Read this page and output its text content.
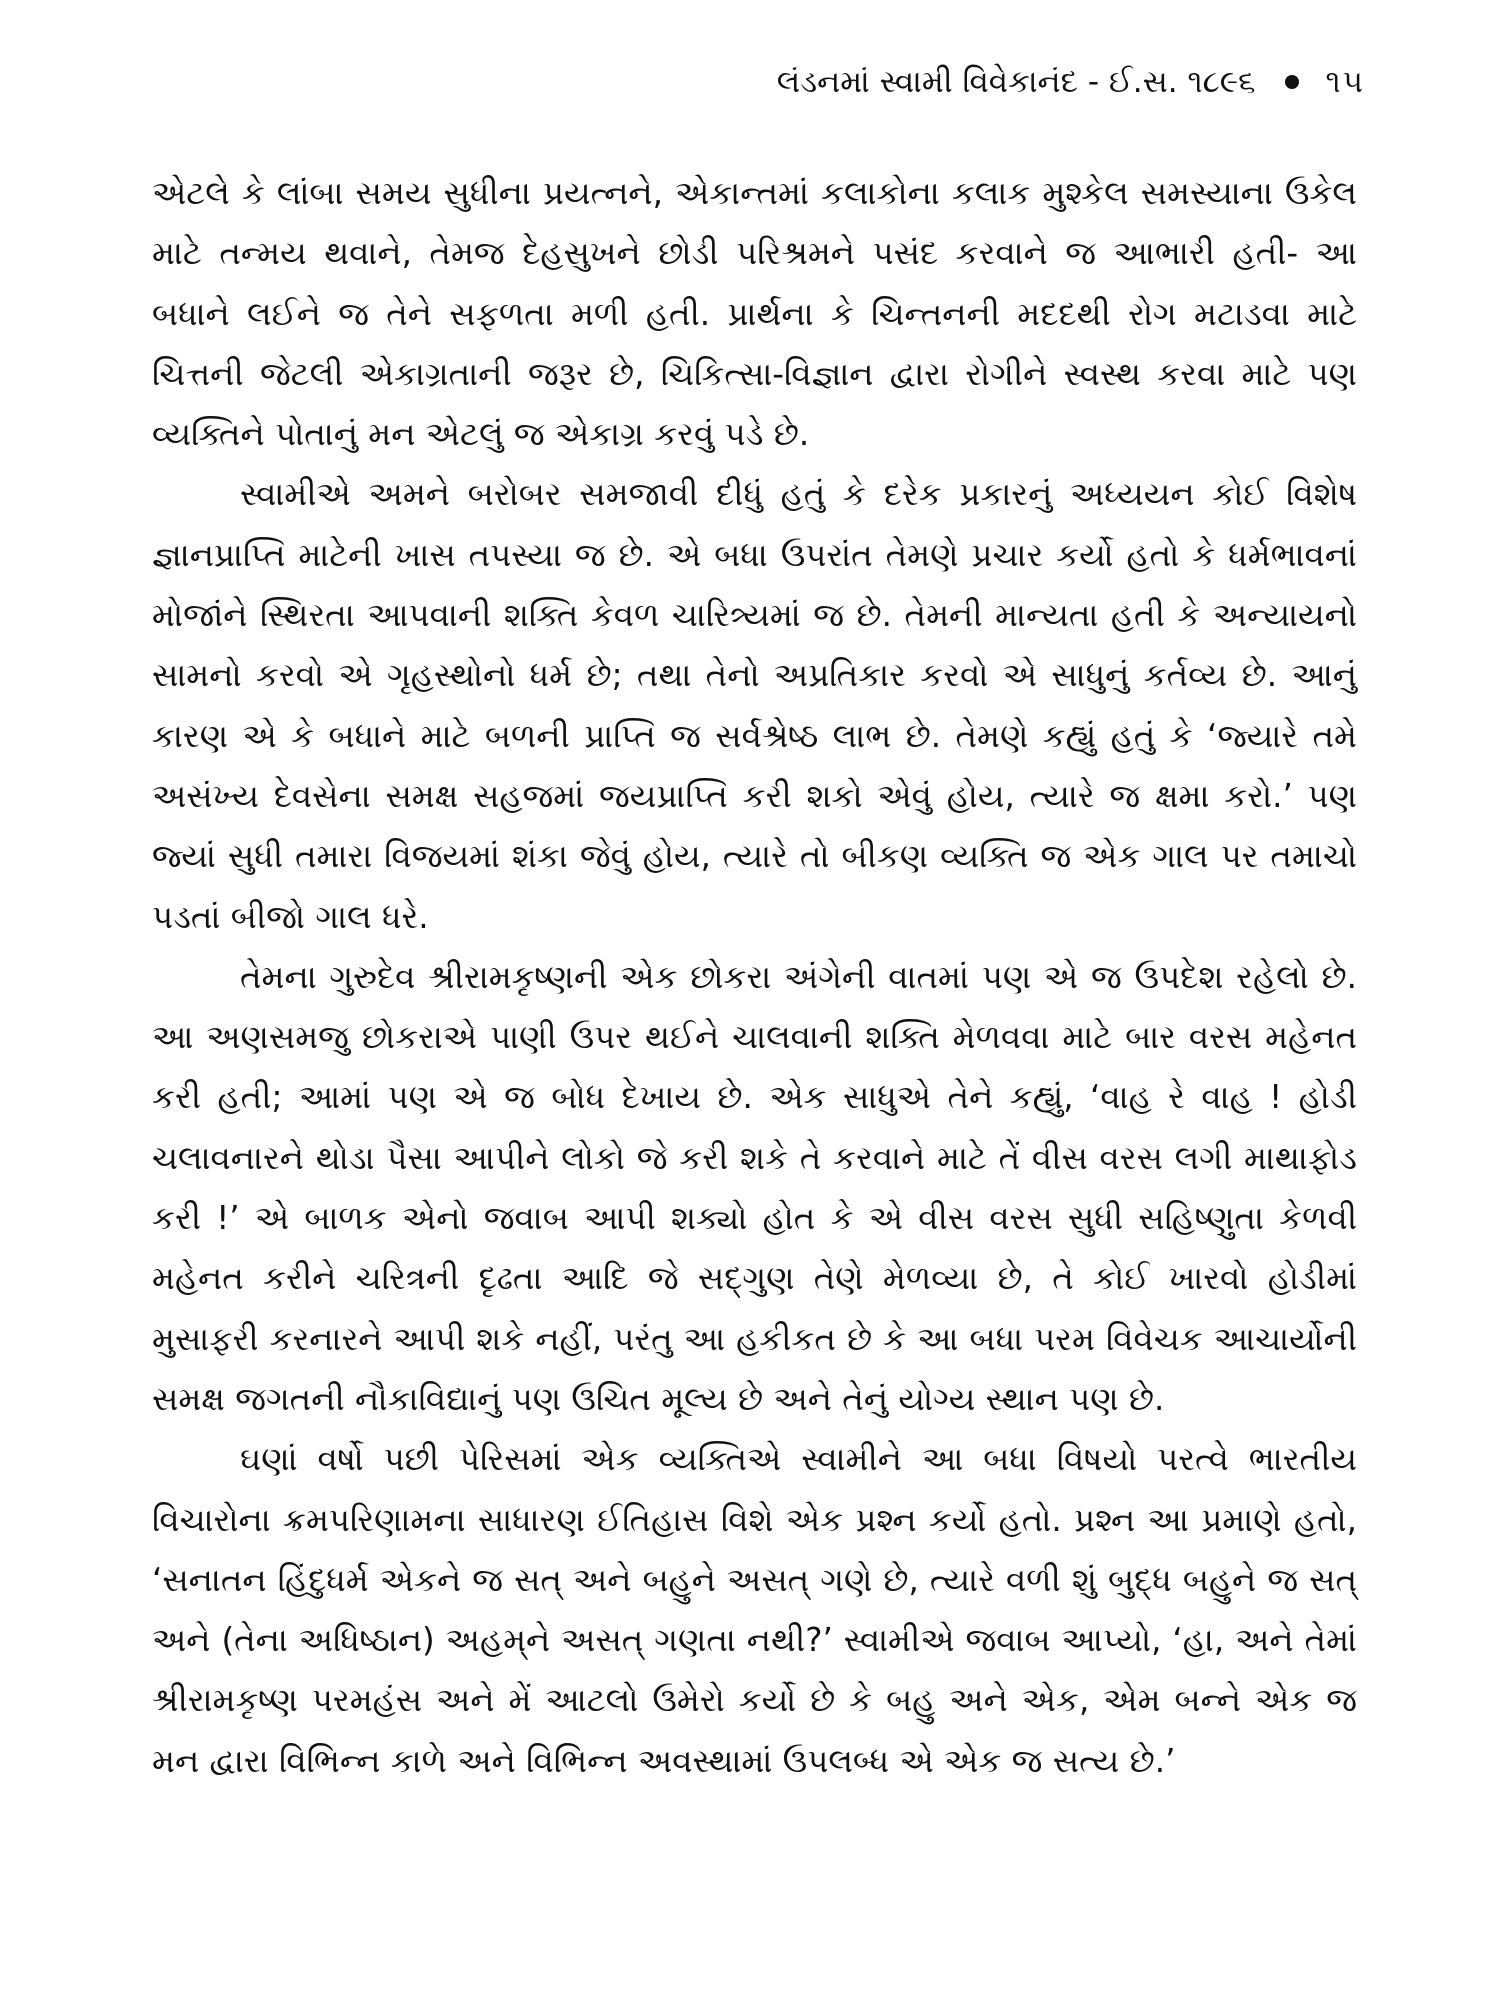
લંડનમાં સ્વામી વિવેકાનંદ - ઈ.સ. ૧૮૯૬ ૧૫

એટલે કે લાંબા સમય સુધીના પ્રયત્નને, એકાન્તમાં કલાકોના કલાક મુશ્કેલ સમસ્યાના ઉકેલ માટે તન્મય થવાને, તેમજ દેહસુખને છોડી પરિશ્રમને પસંદ કરવાને જ આભારી હતી- આ બધાને લઈને જ તેને સફળતા મળી હતી. પ્રાર્થના કે ચિન્તનની મદદથી રોગ મટાડવા માટે ચિત્તની જેટલી એકાગ્રતાની જરૂર છે, ચિકિત્સા-વિજ્ઞાન દ્વારા રોગીને સ્વસ્થ કરવા માટે પણ વ્યક્તિને પોતાનું મન એટલું જ એકાગ્ર કરવું પડે છે.

સ્વામીએ અમને બરોબર સમજાવી દીધું હતું કે દરેક પ્રકારનું અધ્યયન કોઈ વિશેષ જ્ઞાનપ્રાપ્તિ માટેની ખાસ તપસ્યા જ છે. એ બધા ઉપરાંત તેમણે પ્રચાર કર્યો હતો કે ધર્મભાવનાં મોજાંને સ્થિરતા આપવાની શક્તિ કેવળ ચારિત્ર્યમાં જ છે. તેમની માન્યતા હતી કે અન્યાયનો સામનો કરવો એ ગૃહસ્થોનો ધર્મ છે; તથા તેનો અપ્રતિકાર કરવો એ સાધુનું કર્તવ્ય છે. આનું કારણ એ કે બધાને માટે બળની પ્રાપ્તિ જ સર્વશ્રેષ્ઠ લાભ છે. તેમણે કહ્યું હતું કે ‘જ્યારે તમે અસંખ્ય દેવસેના સમક્ષ સહજમાં જયપ્રાપ્તિ કરી શકો એવું હોય, ત્યારે જ ક્ષમા કરો.’ પણ જ્યાં સુધી તમારા વિજયમાં શંકા જેવું હોય, ત્યારે તો બીકણ વ્યક્તિ જ એક ગાલ પર તમાચો પડતાં બીજો ગાલ ધરે.

તેમના ગુરુદેવ શ્રીરામકૃષ્ણની એક છોકરા અંગેની વાતમાં પણ એ જ ઉપદેશ રહેલો છે. આ અણસમજુ છોકરાએ પાણી ઉપર થઈને ચાલવાની શક્તિ મેળવવા માટે બાર વરસ મહેનત કરી હતી; આમાં પણ એ જ બોધ દેખાય છે. એક સાધુએ તેને કહ્યું, ‘વાહ રે વાહ ! હોડી ચલાવનારને થોડા પૈસા આપીને લોકો જે કરી શકે તે કરવાને માટે તેં વીસ વરસ લગી માથાફોડ કરી !’ એ બાળક એનો જવાબ આપી શક્યો હોત કે એ વીસ વરસ સુધી સહિષ્ણુતા કેળવી મહેનત કરીને ચરિત્રની દૃઢતા આદિ જે સદ્‌ગુણ તેણે મેળવ્યા છે, તે કોઈ ખારવો હોડીમાં મુસાફરી કરનારને આપી શકે નહીં, પરંતુ આ હકીકત છે કે આ બધા પરમ વિવેચક આચાર્યોની સમક્ષ જગતની નૌકાવિદ્યાનું પણ ઉચિત મૂલ્ય છે અને તેનું યોગ્ય સ્થાન પણ છે.

ઘણાં વર્ષો પછી પેરિસમાં એક વ્યક્તિએ સ્વામીને આ બધા વિષયો પરત્વે ભારતીય વિચારોના ક્રમપરિણામના સાધારણ ઈતિહાસ વિશે એક પ્રશ્ન કર્યો હતો. પ્રશ્ન આ પ્રમાણે હતો, ‘સનાતન હિંદુધર્મ એકને જ સત્ અને બહુને અસત્ ગણે છે, ત્યારે વળી શું બુદ્ધ બહુને જ સત્ અને (તેના અધિષ્ઠાન) અહમ્‌ને અસત્ ગણતા નથી?’ સ્વામીએ જવાબ આપ્યો, ‘હા, અને તેમાં શ્રીરામકૃષ્ણ પરમહંસ અને મેં આટલો ઉમેરો કર્યો છે કે બહુ અને એક, એમ બન્ને એક જ મન દ્વારા વિભિન્ન કાળે અને વિભિન્ન અવસ્થામાં ઉપલબ્ધ એ એક જ સત્ય છે.’
